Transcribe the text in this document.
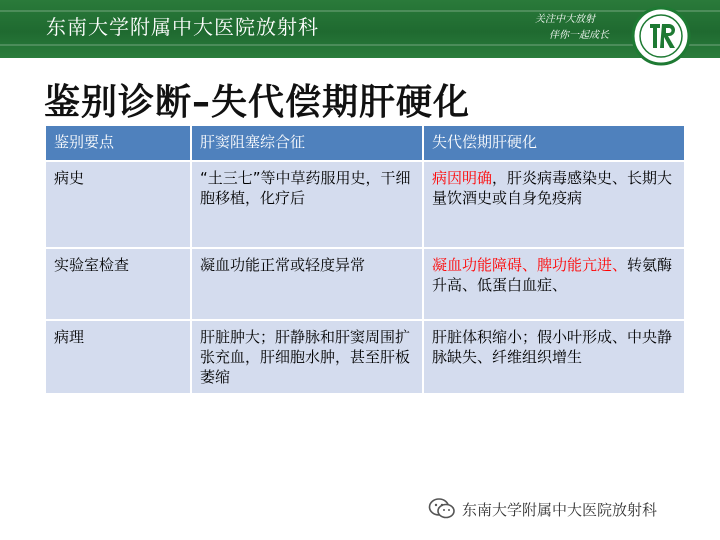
东南大学附属中大医院放射科	关注中大放射
伴你一起成长
鉴别诊断–失代偿期肝硬化
鉴别要点	肝窦阻塞综合征	失代偿期肝硬化
病史	“土三七”等中草药服用史，干细胞移植，化疗后	病因明确，肝炎病毒感染史、长期大量饮酒史或自身免疫病
实验室检查	凝血功能正常或轻度异常	凝血功能障碍、脾功能亢进、转氨酶升高、低蛋白血症、
病理	肝脏肿大；肝静脉和肝窦周围扩张充血，肝细胞水肿，甚至肝板萎缩	肝脏体积缩小；假小叶形成、中央静脉缺失、纤维组织增生
东南大学附属中大医院放射科
